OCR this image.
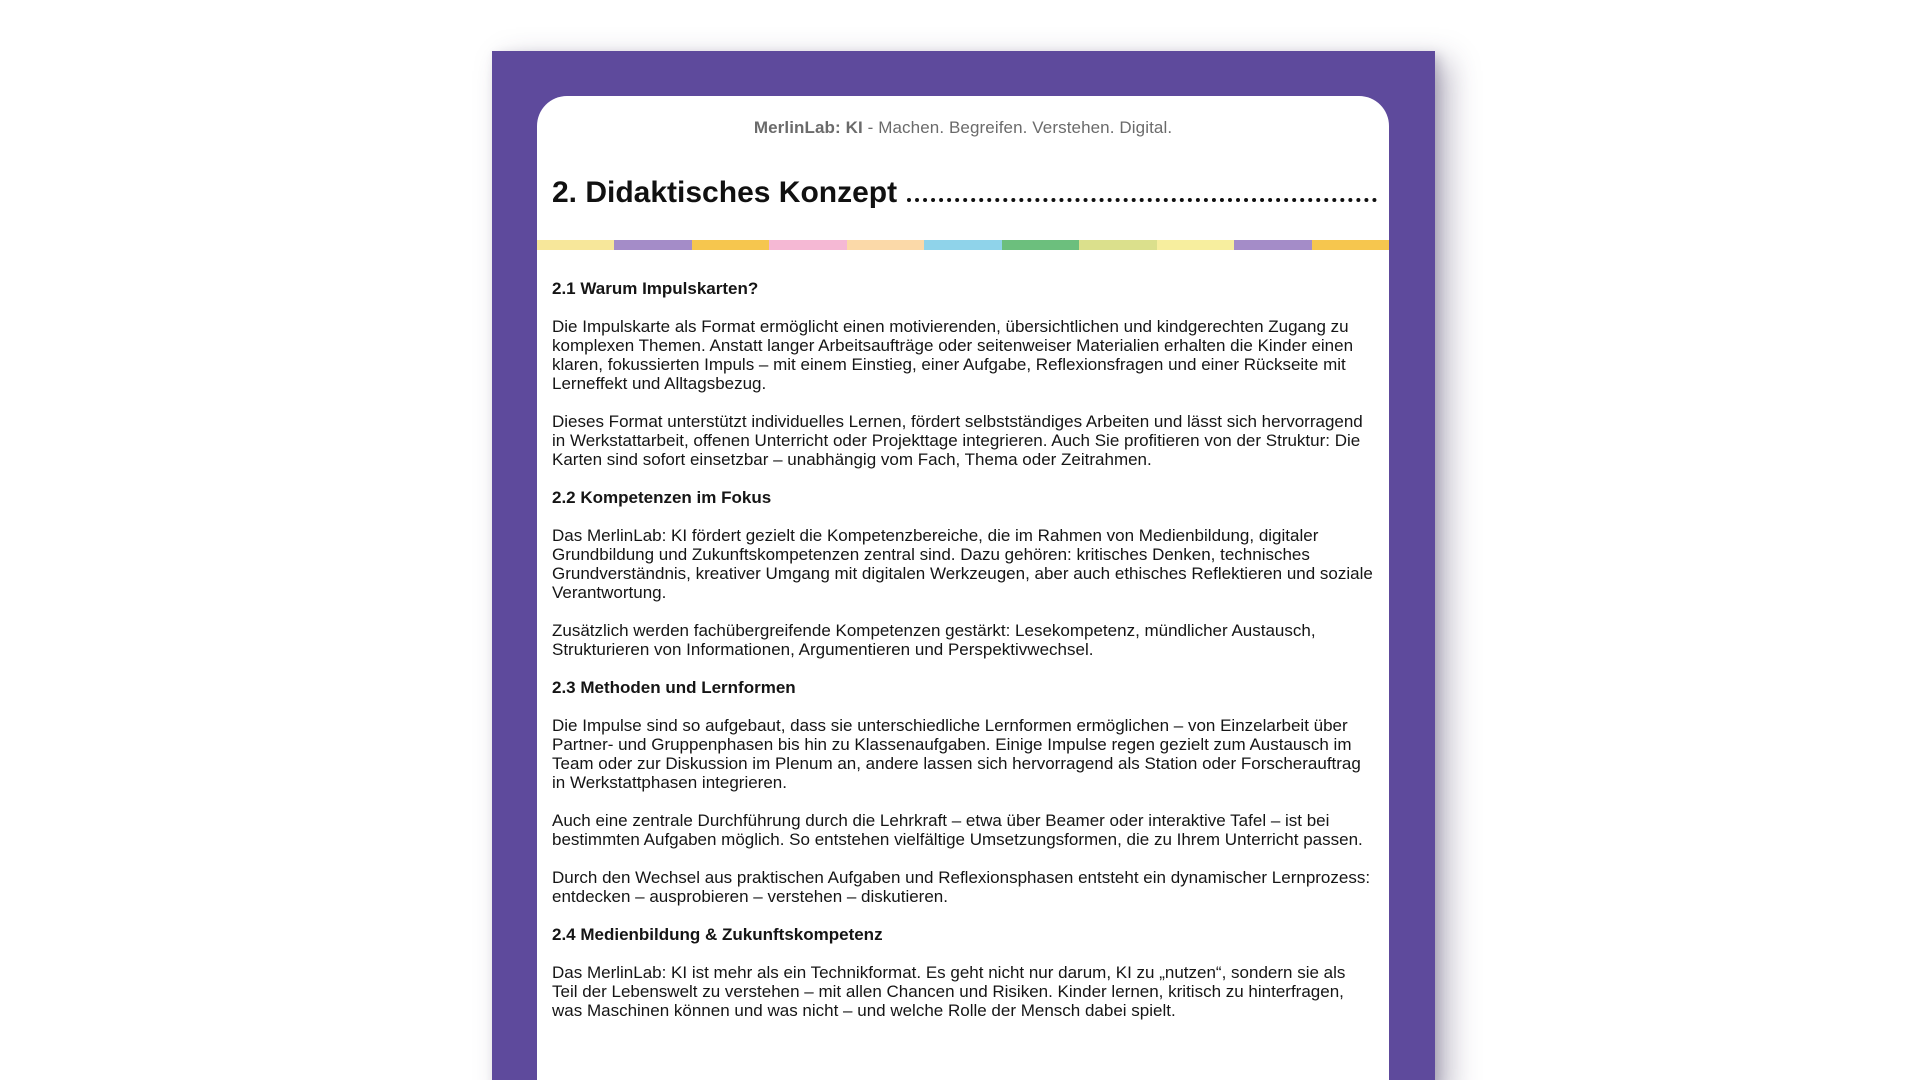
MerlinLab: KI - Machen. Begreifen. Verstehen. Digital.
2. Didaktisches Konzept
2.1 Warum Impulskarten?

Die Impulskarte als Format ermöglicht einen motivierenden, übersichtlichen und kindgerechten Zugang zu komplexen Themen. Anstatt langer Arbeitsaufträge oder seitenweiser Materialien erhalten die Kinder einen klaren, fokussierten Impuls – mit einem Einstieg, einer Aufgabe, Reflexionsfragen und einer Rückseite mit Lerneffekt und Alltagsbezug.

Dieses Format unterstützt individuelles Lernen, fördert selbstständiges Arbeiten und lässt sich hervorragend in Werkstattarbeit, offenen Unterricht oder Projekttage integrieren. Auch Sie profitieren von der Struktur: Die Karten sind sofort einsetzbar – unabhängig vom Fach, Thema oder Zeitrahmen.

2.2 Kompetenzen im Fokus

Das MerlinLab: KI fördert gezielt die Kompetenzbereiche, die im Rahmen von Medienbildung, digitaler Grundbildung und Zukunftskompetenzen zentral sind. Dazu gehören: kritisches Denken, technisches Grundverständnis, kreativer Umgang mit digitalen Werkzeugen, aber auch ethisches Reflektieren und soziale Verantwortung.

Zusätzlich werden fachübergreifende Kompetenzen gestärkt: Lesekompetenz, mündlicher Austausch, Strukturieren von Informationen, Argumentieren und Perspektivwechsel.

2.3 Methoden und Lernformen

Die Impulse sind so aufgebaut, dass sie unterschiedliche Lernformen ermöglichen – von Einzelarbeit über Partner- und Gruppenphasen bis hin zu Klassenaufgaben. Einige Impulse regen gezielt zum Austausch im Team oder zur Diskussion im Plenum an, andere lassen sich hervorragend als Station oder Forscherauftrag in Werkstattphasen integrieren.

Auch eine zentrale Durchführung durch die Lehrkraft – etwa über Beamer oder interaktive Tafel – ist bei bestimmten Aufgaben möglich. So entstehen vielfältige Umsetzungsformen, die zu Ihrem Unterricht passen.

Durch den Wechsel aus praktischen Aufgaben und Reflexionsphasen entsteht ein dynamischer Lernprozess: entdecken – ausprobieren – verstehen – diskutieren.

2.4 Medienbildung & Zukunftskompetenz

Das MerlinLab: KI ist mehr als ein Technikformat. Es geht nicht nur darum, KI zu „nutzen“, sondern sie als Teil der Lebenswelt zu verstehen – mit allen Chancen und Risiken. Kinder lernen, kritisch zu hinterfragen, was Maschinen können und was nicht – und welche Rolle der Mensch dabei spielt.
